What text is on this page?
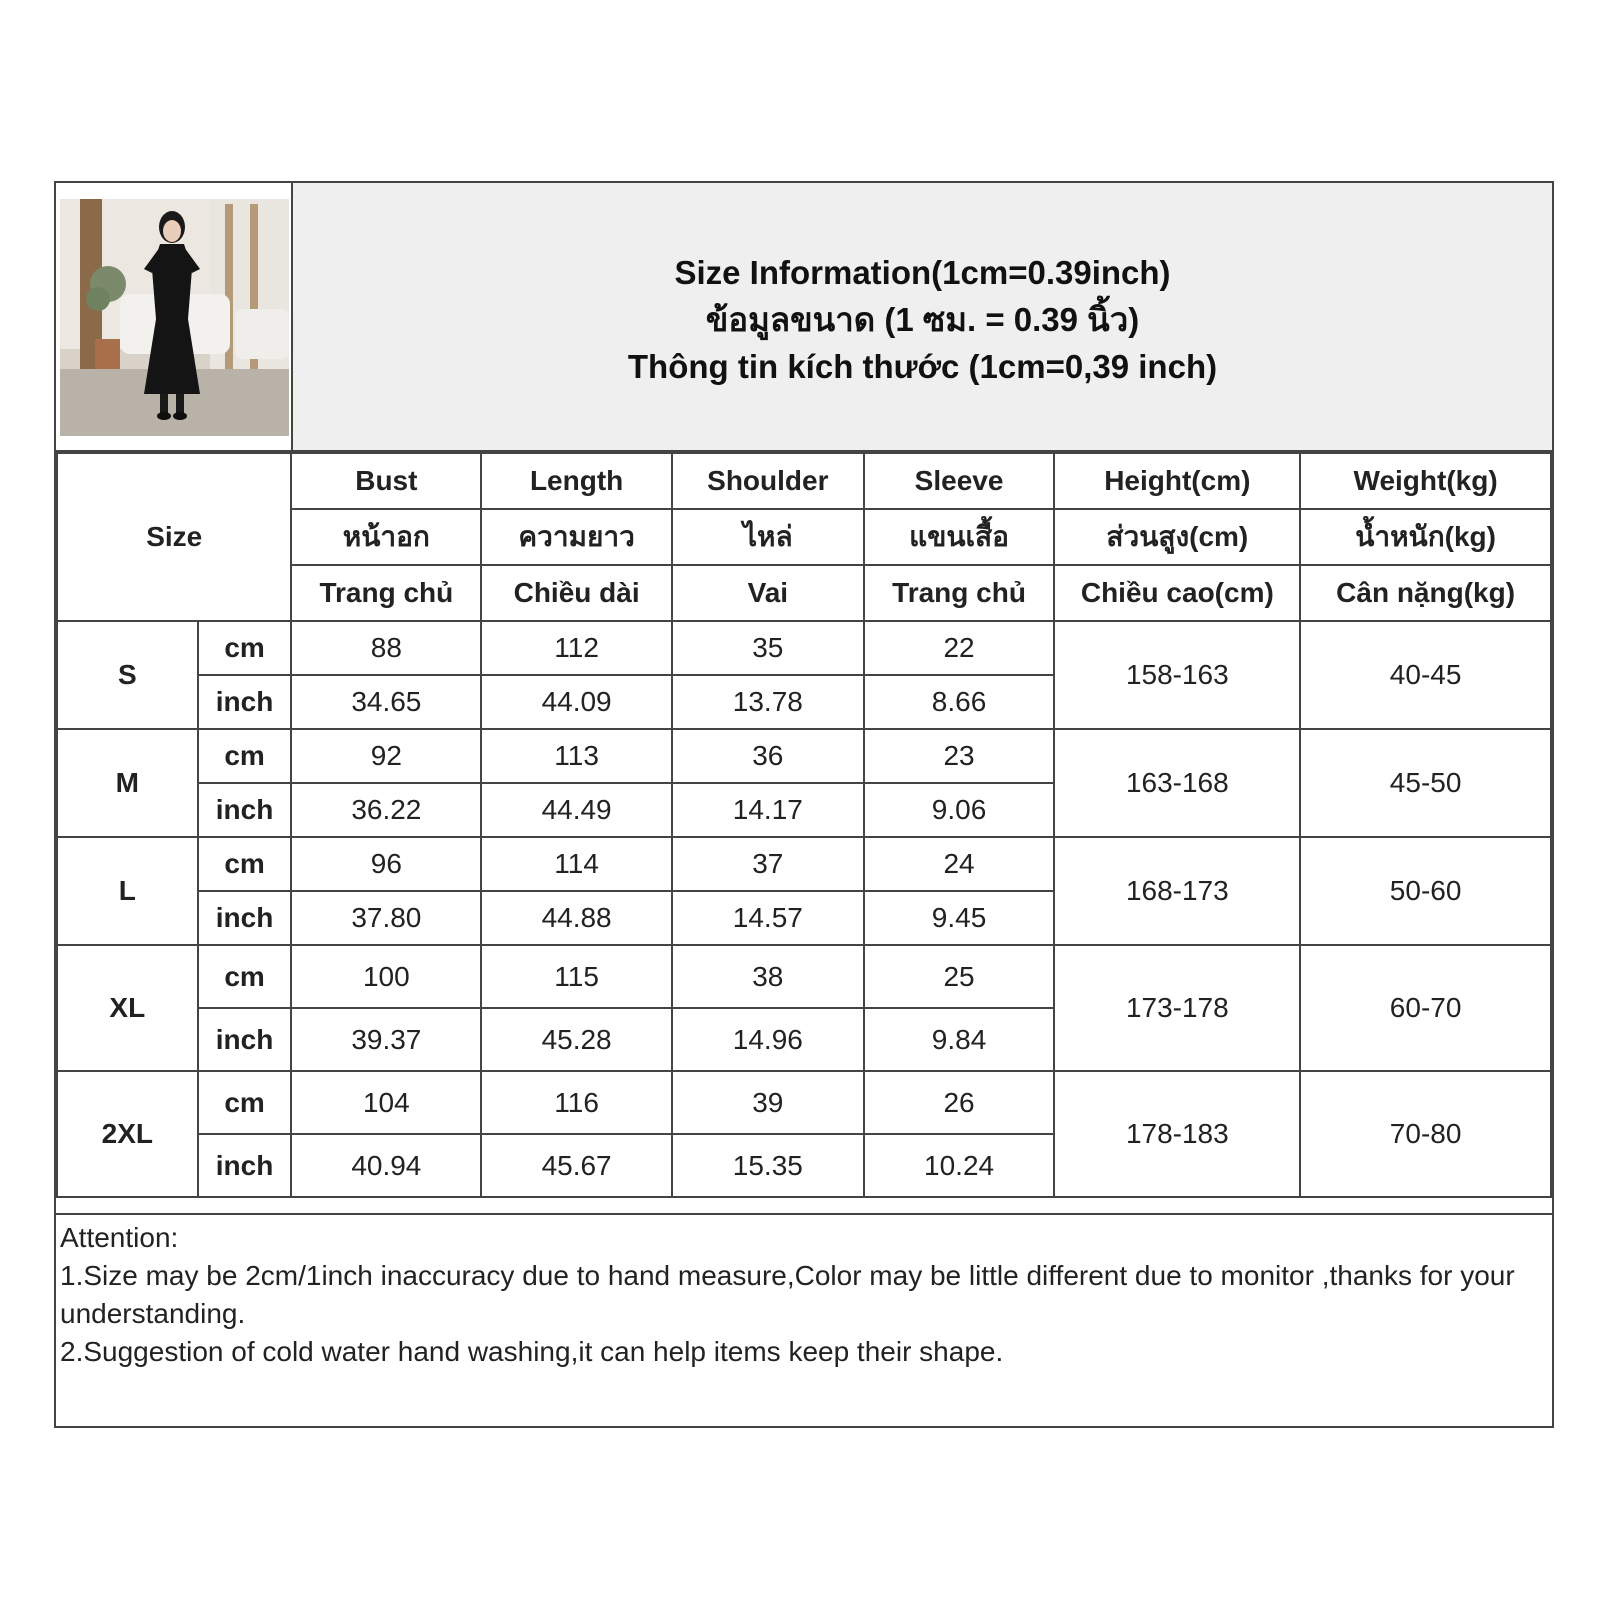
Size Information(1cm=0.39inch)
ข้อมูลขนาด (1 ซม. = 0.39 นิ้ว)
Thông tin kích thước (1cm=0,39 inch)
Size		Bust	Length	Shoulder	Sleeve	Height(cm)	Weight(kg)
		หน้าอก	ความยาว	ไหล่	แขนเสื้อ	ส่วนสูง(cm)	น้ำหนัก(kg)
		Trang chủ	Chiều dài	Vai	Trang chủ	Chiều cao(cm)	Cân nặng(kg)
S	cm	88	112	35	22	158-163	40-45
	inch	34.65	44.09	13.78	8.66		
M	cm	92	113	36	23	163-168	45-50
	inch	36.22	44.49	14.17	9.06		
L	cm	96	114	37	24	168-173	50-60
	inch	37.80	44.88	14.57	9.45		
XL	cm	100	115	38	25	173-178	60-70
	inch	39.37	45.28	14.96	9.84		
2XL	cm	104	116	39	26	178-183	70-80
	inch	40.94	45.67	15.35	10.24		

Attention:

1.Size may be 2cm/1inch inaccuracy due to hand measure,Color may be little different due to monitor ,thanks for your understanding.

2.Suggestion of cold water hand washing,it can help items keep their shape.
